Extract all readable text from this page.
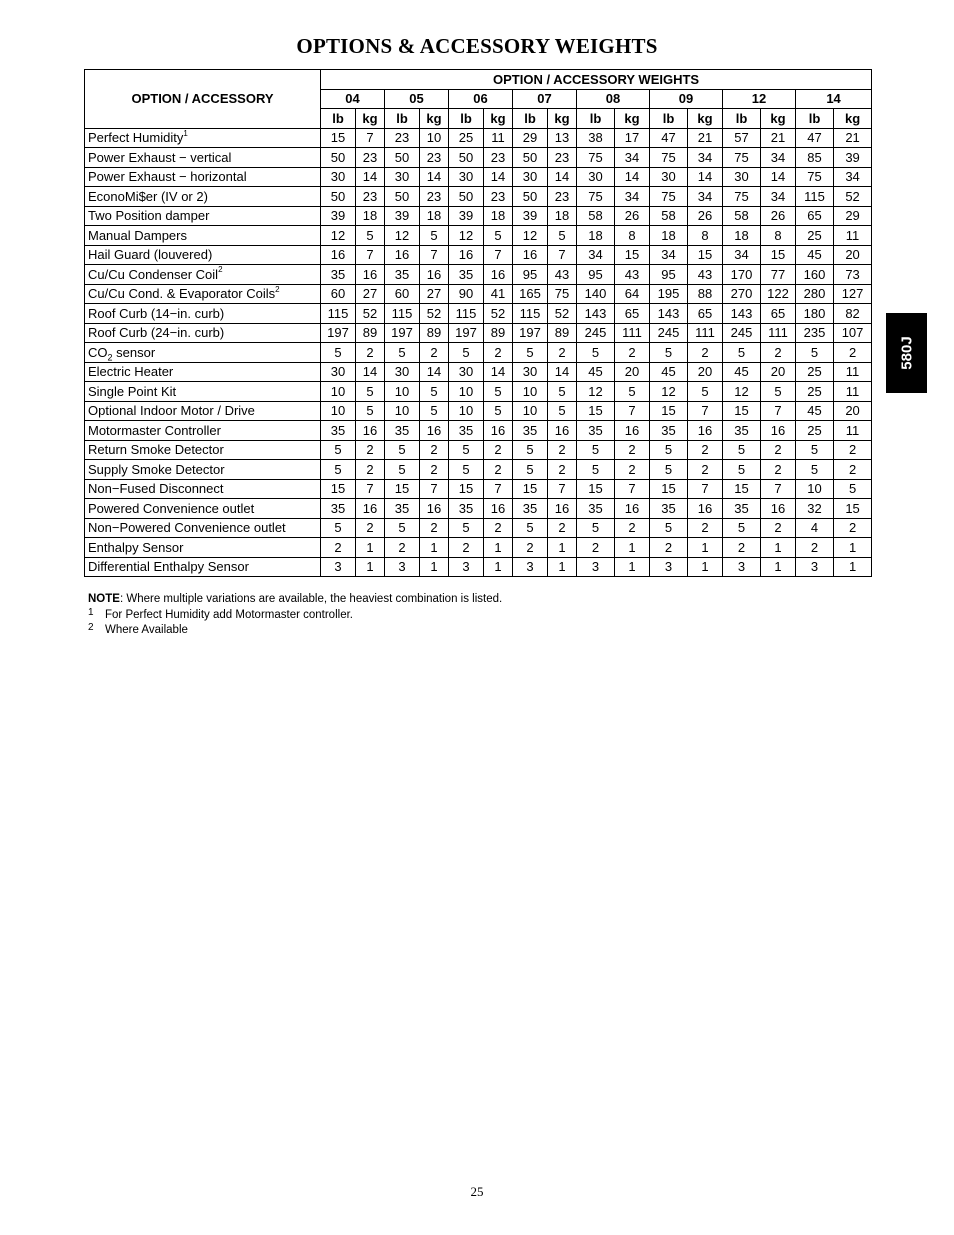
OPTIONS & ACCESSORY WEIGHTS
OPTION / ACCESSORY	OPTION / ACCESSORY WEIGHTS															
	04		05		06		07		08		09		12		14	
	lb	kg	lb	kg	lb	kg	lb	kg	lb	kg	lb	kg	lb	kg	lb	kg
Perfect Humidity$^1$	15	7	23	10	25	11	29	13	38	17	47	21	57	21	47	21
Power Exhaust − vertical	50	23	50	23	50	23	50	23	75	34	75	34	75	34	85	39
Power Exhaust − horizontal	30	14	30	14	30	14	30	14	30	14	30	14	30	14	75	34
EconoMi$er (IV or 2)	50	23	50	23	50	23	50	23	75	34	75	34	75	34	115	52
Two Position damper	39	18	39	18	39	18	39	18	58	26	58	26	58	26	65	29
Manual Dampers	12	5	12	5	12	5	12	5	18	8	18	8	18	8	25	11
Hail Guard (louvered)	16	7	16	7	16	7	16	7	34	15	34	15	34	15	45	20
Cu/Cu Condenser Coil$^2$	35	16	35	16	35	16	95	43	95	43	95	43	170	77	160	73
Cu/Cu Cond. & Evaporator Coils$^2$	60	27	60	27	90	41	165	75	140	64	195	88	270	122	280	127
Roof Curb (14−in. curb)	115	52	115	52	115	52	115	52	143	65	143	65	143	65	180	82
Roof Curb (24−in. curb)	197	89	197	89	197	89	197	89	245	111	245	111	245	111	235	107
$CO_2$ sensor	5	2	5	2	5	2	5	2	5	2	5	2	5	2	5	2
Electric Heater	30	14	30	14	30	14	30	14	45	20	45	20	45	20	25	11
Single Point Kit	10	5	10	5	10	5	10	5	12	5	12	5	12	5	25	11
Optional Indoor Motor / Drive	10	5	10	5	10	5	10	5	15	7	15	7	15	7	45	20
Motormaster Controller	35	16	35	16	35	16	35	16	35	16	35	16	35	16	25	11
Return Smoke Detector	5	2	5	2	5	2	5	2	5	2	5	2	5	2	5	2
Supply Smoke Detector	5	2	5	2	5	2	5	2	5	2	5	2	5	2	5	2
Non−Fused Disconnect	15	7	15	7	15	7	15	7	15	7	15	7	15	7	10	5
Powered Convenience outlet	35	16	35	16	35	16	35	16	35	16	35	16	35	16	32	15
Non−Powered Convenience outlet	5	2	5	2	5	2	5	2	5	2	5	2	5	2	4	2
Enthalpy Sensor	2	1	2	1	2	1	2	1	2	1	2	1	2	1	2	1
Differential Enthalpy Sensor	3	1	3	1	3	1	3	1	3	1	3	1	3	1	3	1
580J
NOTE: Where multiple variations are available, the heaviest combination is listed.
1 For Perfect Humidity add Motormaster controller.
2 Where Available
25
